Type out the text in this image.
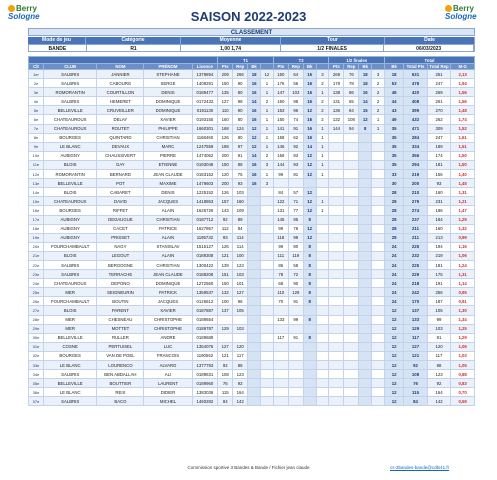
Berry
Sologne
Berry
Sologne
SAISON 2022-2023
CLASSEMENT
Mode de jeu	Catégorie	Moyenne	Tour	Date
BANDE	R1	1,00 1,74	1/2 FINALES	06/03/2023
					T1				T2				1/2 finales				Total			
Clt	CLUB	NOM	PRÉNOM	Licence	Pts	Rep	Bk		Pts	Rep	Bk		Pts	Rep	Bk		Bk	Total Pts	Total Rep	M-G
1er	SALBRIS	JANNIER	STEPHANE	1379894	209	266	18	12	150	64	16	3	269	76	18	3	18	631	251	2,13
2e	SALBRIS	CABOURG	SERGE	1408291	150	90	16	1	176	56	16	2	178	78	18	2	53	478	247	1,94
3e	ROMORANTIN	COURTILLON	DENIS	0189477	135	80	16	1	147	103	16	1	138	86	16	2	48	420	269	1,56
4e	SALBRIS	HEMERET	DOMINIQUE	0172432	127	98	14	2	150	98	16	2	131	65	14	2	44	408	261	1,56
5e	BELLEVILLE	CRUVEILLER	DOMINIQUE	0191130	110	90	16	1	153	96	12	2	136	84	15	2	43	399	270	1,48
6e	CHATEAUROUX	DELAY	XAVIER	0193155	160	80	16	1	150	74	16	2	132	108	12	1	49	432	262	1,74
7e	CHATEAUROUX	ROUTET	PHILIPPE	1660301	168	124	12	1	141	91	16	1	144	94	8	1	35	471	309	1,52
8e	BOURGES	QUINTARD	CHRISTIAN	1168460	126	80	12	1	158	62	16	1					35	284	247	1,61
9e	LE BLANC	DEVAUX	MARC	1247559	188	97	12	1	146	92	14	1					35	334	189	1,51
10e	AUBIGNY	CHAUSSIVERT	PIERRE	1474062	200	91	14	2	158	83	12	1					35	356	174	1,50
11e	BLOIS	GAY	ETIENNE	0193048	150	88	16	3	144	93	12	1					35	294	181	1,50
12e	ROMORANTIN	BERNARD	JEAN CLAUDE	0183152	120	75	16	1	99	81	12	1					33	219	156	1,40
13e	BELLEVILLE	POT	MAXIME	1479603	200	93	16	3									30	200	93	1,45
14e	BLOIS	CABARET	DENIS	1225152	126	103			84	57	12						28	210	160	1,31
15e	CHATEAUROUX	DAVID	JACQUES	1418863	157	160			122	71	12	1					28	279	231	1,21
16e	BOURGES	RIFFET	ALAIN	1626726	143	109			131	77	12	1					28	274	186	1,47
17e	AUBIGNY	DEGAUGUE	CHRISTIAN	0187712	92	89			145	95	8						28	237	184	1,29
18e	AUBIGNY	CACET	PATRICE	1627867	112	84			99	76	12						28	211	160	1,32
19e	AUBIGNY	PRISSET	ALAIN	1195732	93	114			118	99	12						28	211	213	0,99
20e	FOURCHAMBAULT	NAGY	STANISLAV	1515127	126	114			99	80	8						24	225	194	1,16
21e	BLOIS	LEGOUT	ALAIN	0189308	121	100			111	119	8						24	232	219	1,06
22e	SALBRIS	BERGOGNE	CHRISTIAN	1300422	139	123			86	58	8						24	225	181	1,24
23e	SALBRIS	TERRACHE	JEAN CLAUDE	0188208	151	103			78	72	8						24	229	175	1,31
24e	CHATEAUROUX	DEPONO	DOMINIQUE	1272560	150	101			68	90	8						24	218	191	1,14
25e	MER	SEIGNEURIN	PATRICK	1359537	132	127			110	129	8						24	242	256	0,95
26e	FOURCHAMBAULT	BOUTIN	JACQUES	0126612	100	96			70	91	8						24	170	187	0,91
27e	BLOIS	PARENT	XAVIER	0187887	137	105											12	137	105	1,30
28e	MER	CHESNEAU	CHRISTOPHE	0189654					133	99	8						12	133	99	1,34
29e	MER	MOTTET	CHRISTOPHE	0189787	129	103											12	129	103	1,25
30e	BELLEVILLE	RULLER	ANDRE	0189689					117	91	8						12	117	91	1,29
31e	COSNE	PERTUISEL	LUC	1354076	127	120											12	127	120	1,06
32e	BOURGES	VAN DE POEL	FRANCOIS	1190562	121	117											12	121	117	1,03
33e	LE BLANC	LOURENCO	ALVARO	1377793	92	88											12	92	88	1,05
34e	SALBRIS	BEN ABDALLAH	ALI	0189631	108	123											12	108	123	0,88
35e	BELLEVILLE	BOUTTIER	LAURENT	0189960	76	92											12	76	92	0,83
36e	LE BLANC	REIX	DIDIER	1383036	115	164											12	115	164	0,70
37e	SALBRIS	BACO	MICHEL	1460282	84	142											12	84	142	0,59
Commission sportive 3 Bandes & Bande / Fichier jean claude	cs-3bandes-bande@cdbi41.fr
